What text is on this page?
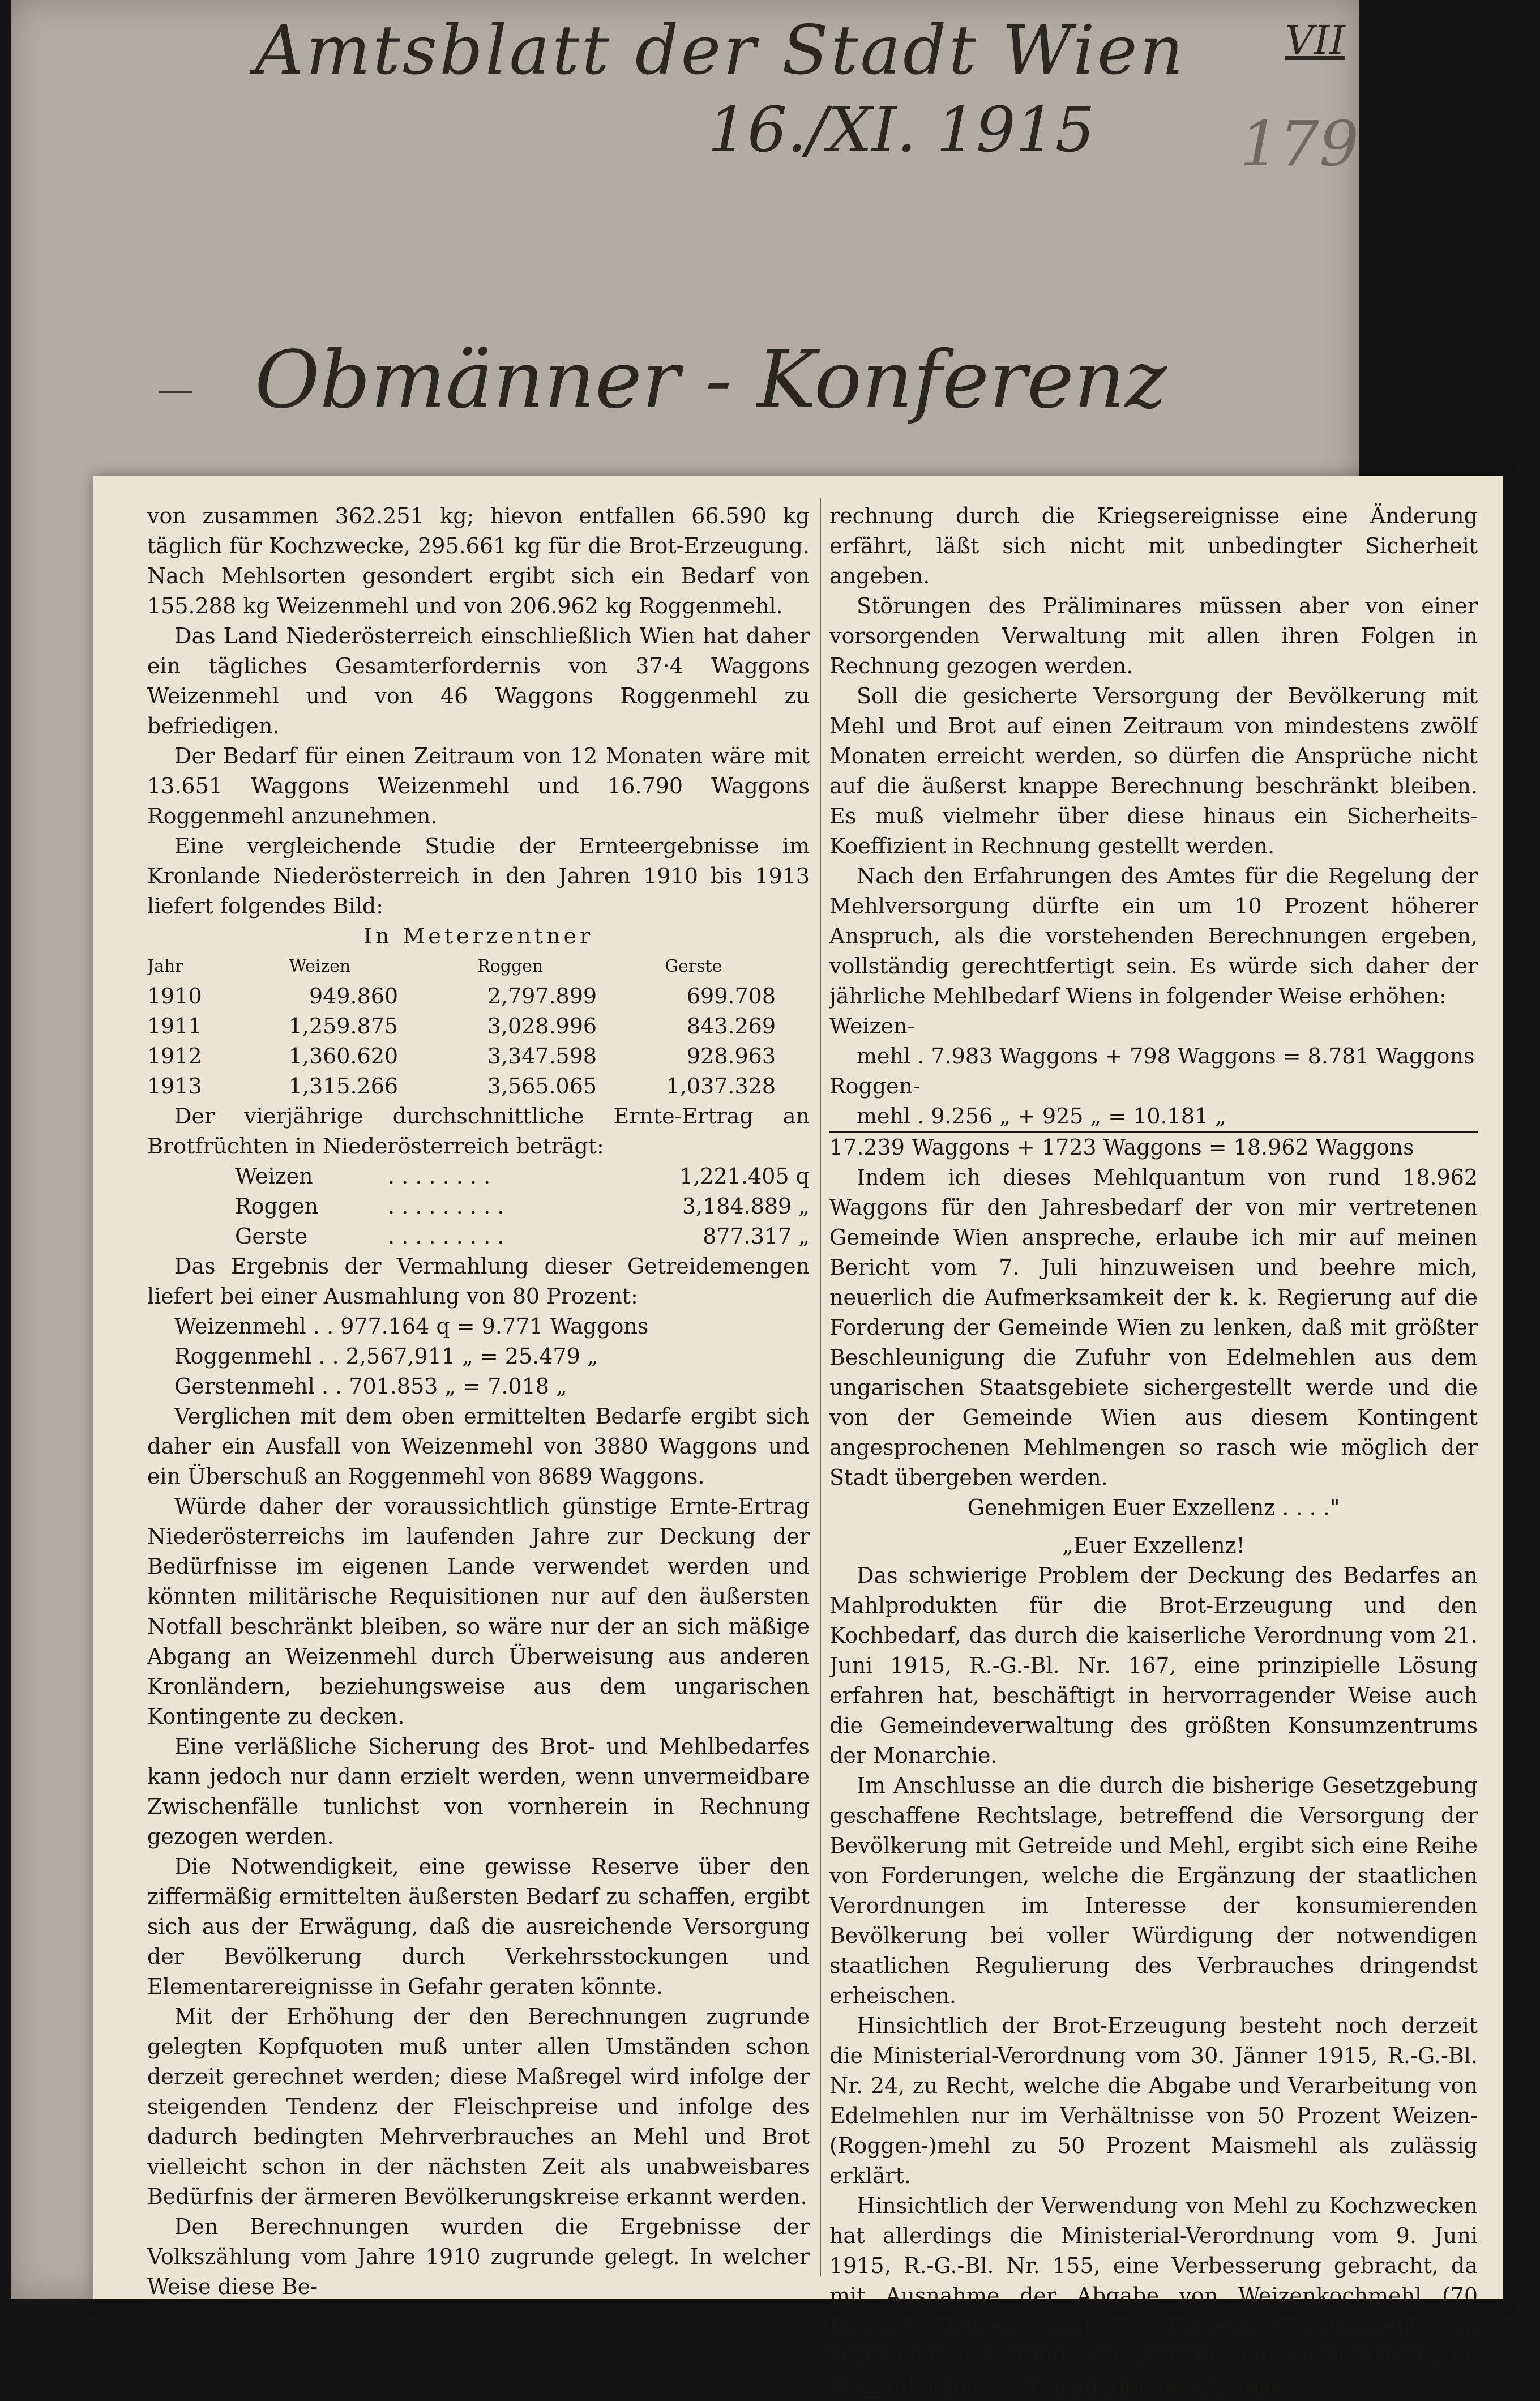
Amtsblatt der Stadt Wien	VII
16./XI. 1915 179
Obmänner - Konferenz

von zusammen 362.251 kg; hievon entfallen 66.590 kg täglich für Kochzwecke, 295.661 kg für die Brot-Erzeugung. Nach Mehlsorten gesondert ergibt sich ein Bedarf von 155.288 kg Weizenmehl und von 206.962 kg Roggenmehl.

Das Land Niederösterreich einschließlich Wien hat daher ein tägliches Gesamterfordernis von 37·4 Waggons Weizenmehl und von 46 Waggons Roggenmehl zu befriedigen.

Der Bedarf für einen Zeitraum von 12 Monaten wäre mit 13.651 Waggons Weizenmehl und 16.790 Waggons Roggenmehl anzunehmen.

Eine vergleichende Studie der Ernteergebnisse im Kronlande Niederösterreich in den Jahren 1910 bis 1913 liefert folgendes Bild:

In Meterzentner

Jahr	Weizen	Roggen	Gerste
1910	949.860	2,797.899	699.708
1911	1,259.875	3,028.996	843.269
1912	1,360.620	3,347.598	928.963
1913	1,315.266	3,565.065	1,037.328

Der vierjährige durchschnittliche Ernte-Ertrag an Brotfrüchten in Niederösterreich beträgt:

Weizen	. . . . . . . .	1,221.405 q
Roggen	. . . . . . . . .	3,184.889 „
Gerste	. . . . . . . . .	877.317 „

Das Ergebnis der Vermahlung dieser Getreidemengen liefert bei einer Ausmahlung von 80 Prozent:

Weizenmehl . . 977.164 q = 9.771 Waggons

Roggenmehl . . 2,567,911 „ = 25.479 „

Gerstenmehl . . 701.853 „ = 7.018 „

Verglichen mit dem oben ermittelten Bedarfe ergibt sich daher ein Ausfall von Weizenmehl von 3880 Waggons und ein Überschuß an Roggenmehl von 8689 Waggons.

Würde daher der voraussichtlich günstige Ernte-Ertrag Niederösterreichs im laufenden Jahre zur Deckung der Bedürfnisse im eigenen Lande verwendet werden und könnten militärische Requisitionen nur auf den äußersten Notfall beschränkt bleiben, so wäre nur der an sich mäßige Abgang an Weizenmehl durch Überweisung aus anderen Kronländern, beziehungsweise aus dem ungarischen Kontingente zu decken.

Eine verläßliche Sicherung des Brot- und Mehlbedarfes kann jedoch nur dann erzielt werden, wenn unvermeidbare Zwischenfälle tunlichst von vornherein in Rechnung gezogen werden.

Die Notwendigkeit, eine gewisse Reserve über den ziffermäßig ermittelten äußersten Bedarf zu schaffen, ergibt sich aus der Erwägung, daß die ausreichende Versorgung der Bevölkerung durch Verkehrsstockungen und Elementarereignisse in Gefahr geraten könnte.

Mit der Erhöhung der den Berechnungen zugrunde gelegten Kopfquoten muß unter allen Umständen schon derzeit gerechnet werden; diese Maßregel wird infolge der steigenden Tendenz der Fleischpreise und infolge des dadurch bedingten Mehrverbrauches an Mehl und Brot vielleicht schon in der nächsten Zeit als unabweisbares Bedürfnis der ärmeren Bevölkerungskreise erkannt werden.

Den Berechnungen wurden die Ergebnisse der Volkszählung vom Jahre 1910 zugrunde gelegt. In welcher Weise diese Be-

rechnung durch die Kriegsereignisse eine Änderung erfährt, läßt sich nicht mit unbedingter Sicherheit angeben.

Störungen des Präliminares müssen aber von einer vorsorgenden Verwaltung mit allen ihren Folgen in Rechnung gezogen werden.

Soll die gesicherte Versorgung der Bevölkerung mit Mehl und Brot auf einen Zeitraum von mindestens zwölf Monaten erreicht werden, so dürfen die Ansprüche nicht auf die äußerst knappe Berechnung beschränkt bleiben. Es muß vielmehr über diese hinaus ein Sicherheits-Koeffizient in Rechnung gestellt werden.

Nach den Erfahrungen des Amtes für die Regelung der Mehlversorgung dürfte ein um 10 Prozent höherer Anspruch, als die vorstehenden Berechnungen ergeben, vollständig gerechtfertigt sein. Es würde sich daher der jährliche Mehlbedarf Wiens in folgender Weise erhöhen:

Weizen-

mehl . 7.983 Waggons + 798 Waggons = 8.781 Waggons

Roggen-

mehl . 9.256 „ + 925 „ = 10.181 „

17.239 Waggons + 1723 Waggons = 18.962 Waggons

Indem ich dieses Mehlquantum von rund 18.962 Waggons für den Jahresbedarf der von mir vertretenen Gemeinde Wien anspreche, erlaube ich mir auf meinen Bericht vom 7. Juli hinzuweisen und beehre mich, neuerlich die Aufmerksamkeit der k. k. Regierung auf die Forderung der Gemeinde Wien zu lenken, daß mit größter Beschleunigung die Zufuhr von Edelmehlen aus dem ungarischen Staatsgebiete sichergestellt werde und die von der Gemeinde Wien aus diesem Kontingent angesprochenen Mehlmengen so rasch wie möglich der Stadt übergeben werden.

Genehmigen Euer Exzellenz . . . ."

„Euer Exzellenz!

Das schwierige Problem der Deckung des Bedarfes an Mahlprodukten für die Brot-Erzeugung und den Kochbedarf, das durch die kaiserliche Verordnung vom 21. Juni 1915, R.-G.-Bl. Nr. 167, eine prinzipielle Lösung erfahren hat, beschäftigt in hervorragender Weise auch die Gemeindeverwaltung des größten Konsumzentrums der Monarchie.

Im Anschlusse an die durch die bisherige Gesetzgebung geschaffene Rechtslage, betreffend die Versorgung der Bevölkerung mit Getreide und Mehl, ergibt sich eine Reihe von Forderungen, welche die Ergänzung der staatlichen Verordnungen im Interesse der konsumierenden Bevölkerung bei voller Würdigung der notwendigen staatlichen Regulierung des Verbrauches dringendst erheischen.

Hinsichtlich der Brot-Erzeugung besteht noch derzeit die Ministerial-Verordnung vom 30. Jänner 1915, R.-G.-Bl. Nr. 24, zu Recht, welche die Abgabe und Verarbeitung von Edelmehlen nur im Verhältnisse von 50 Prozent Weizen-(Roggen-)mehl zu 50 Prozent Maismehl als zulässig erklärt.

Hinsichtlich der Verwendung von Mehl zu Kochzwecken hat allerdings die Ministerial-Verordnung vom 9. Juni 1915, R.-G.-Bl. Nr. 155, eine Verbesserung gebracht, da mit Ausnahme der Abgabe von Weizenkochmehl (70 Prozent Weizen- und 30 Prozent Gerstenmehl) im vermischten Zustande die Abgabe von Weizenbackmehl, Weizenkochmehl, Weizengleichmehl und
